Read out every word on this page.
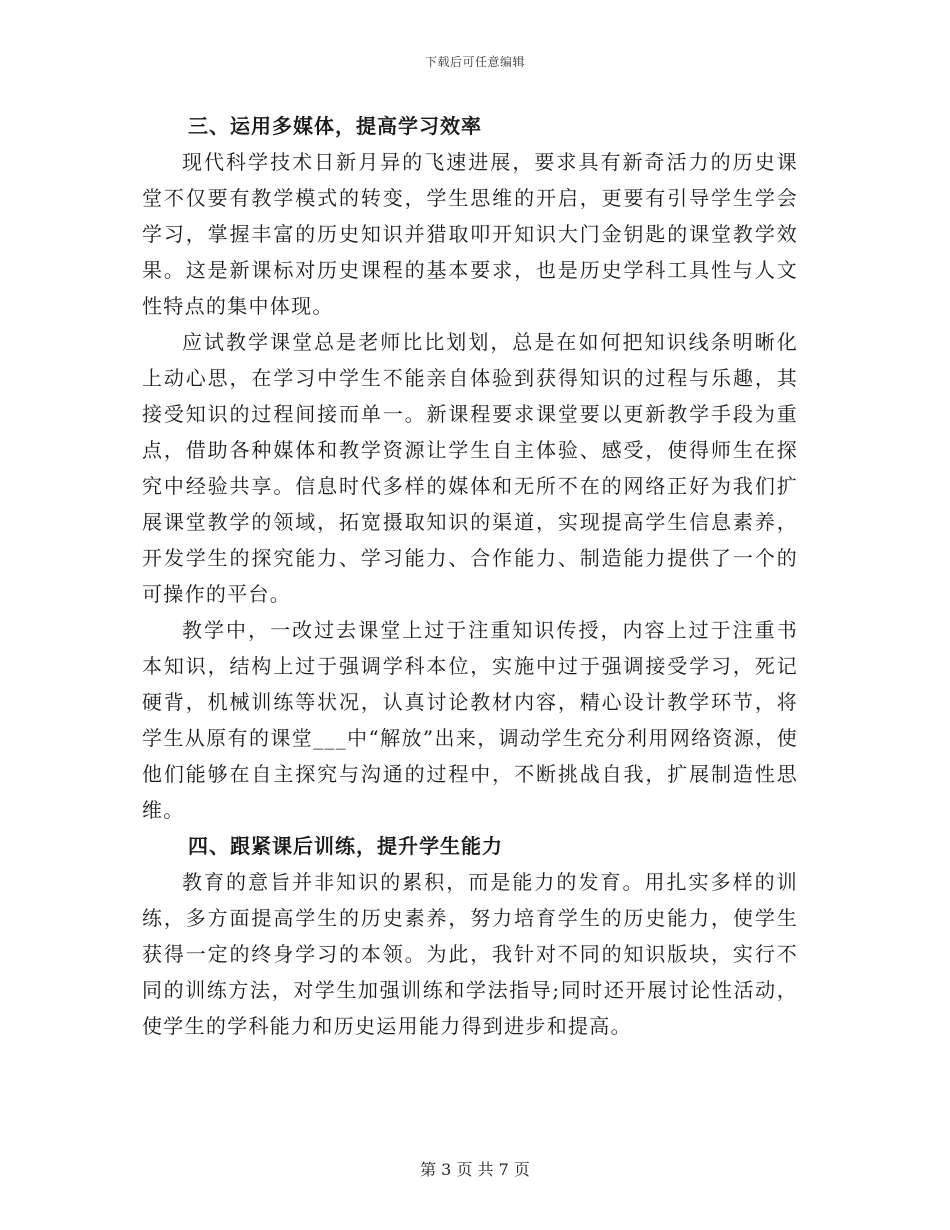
下载后可任意编辑
三、运用多媒体，提高学习效率

现代科学技术日新月异的飞速进展，要求具有新奇活力的历史课堂不仅要有教学模式的转变，学生思维的开启，更要有引导学生学会学习，掌握丰富的历史知识并猎取叩开知识大门金钥匙的课堂教学效果。这是新课标对历史课程的基本要求，也是历史学科工具性与人文性特点的集中体现。

应试教学课堂总是老师比比划划，总是在如何把知识线条明晰化上动心思，在学习中学生不能亲自体验到获得知识的过程与乐趣，其接受知识的过程间接而单一。新课程要求课堂要以更新教学手段为重点，借助各种媒体和教学资源让学生自主体验、感受，使得师生在探究中经验共享。信息时代多样的媒体和无所不在的网络正好为我们扩展课堂教学的领域，拓宽摄取知识的渠道，实现提高学生信息素养，开发学生的探究能力、学习能力、合作能力、制造能力提供了一个的可操作的平台。

教学中，一改过去课堂上过于注重知识传授，内容上过于注重书本知识，结构上过于强调学科本位，实施中过于强调接受学习，死记硬背，机械训练等状况，认真讨论教材内容，精心设计教学环节，将学生从原有的课堂___中“解放”出来，调动学生充分利用网络资源，使他们能够在自主探究与沟通的过程中，不断挑战自我，扩展制造性思维。

四、跟紧课后训练，提升学生能力

教育的意旨并非知识的累积，而是能力的发育。用扎实多样的训练，多方面提高学生的历史素养，努力培育学生的历史能力，使学生获得一定的终身学习的本领。为此，我针对不同的知识版块，实行不同的训练方法，对学生加强训练和学法指导;同时还开展讨论性活动，使学生的学科能力和历史运用能力得到进步和提高。

第 3 页 共 7 页
